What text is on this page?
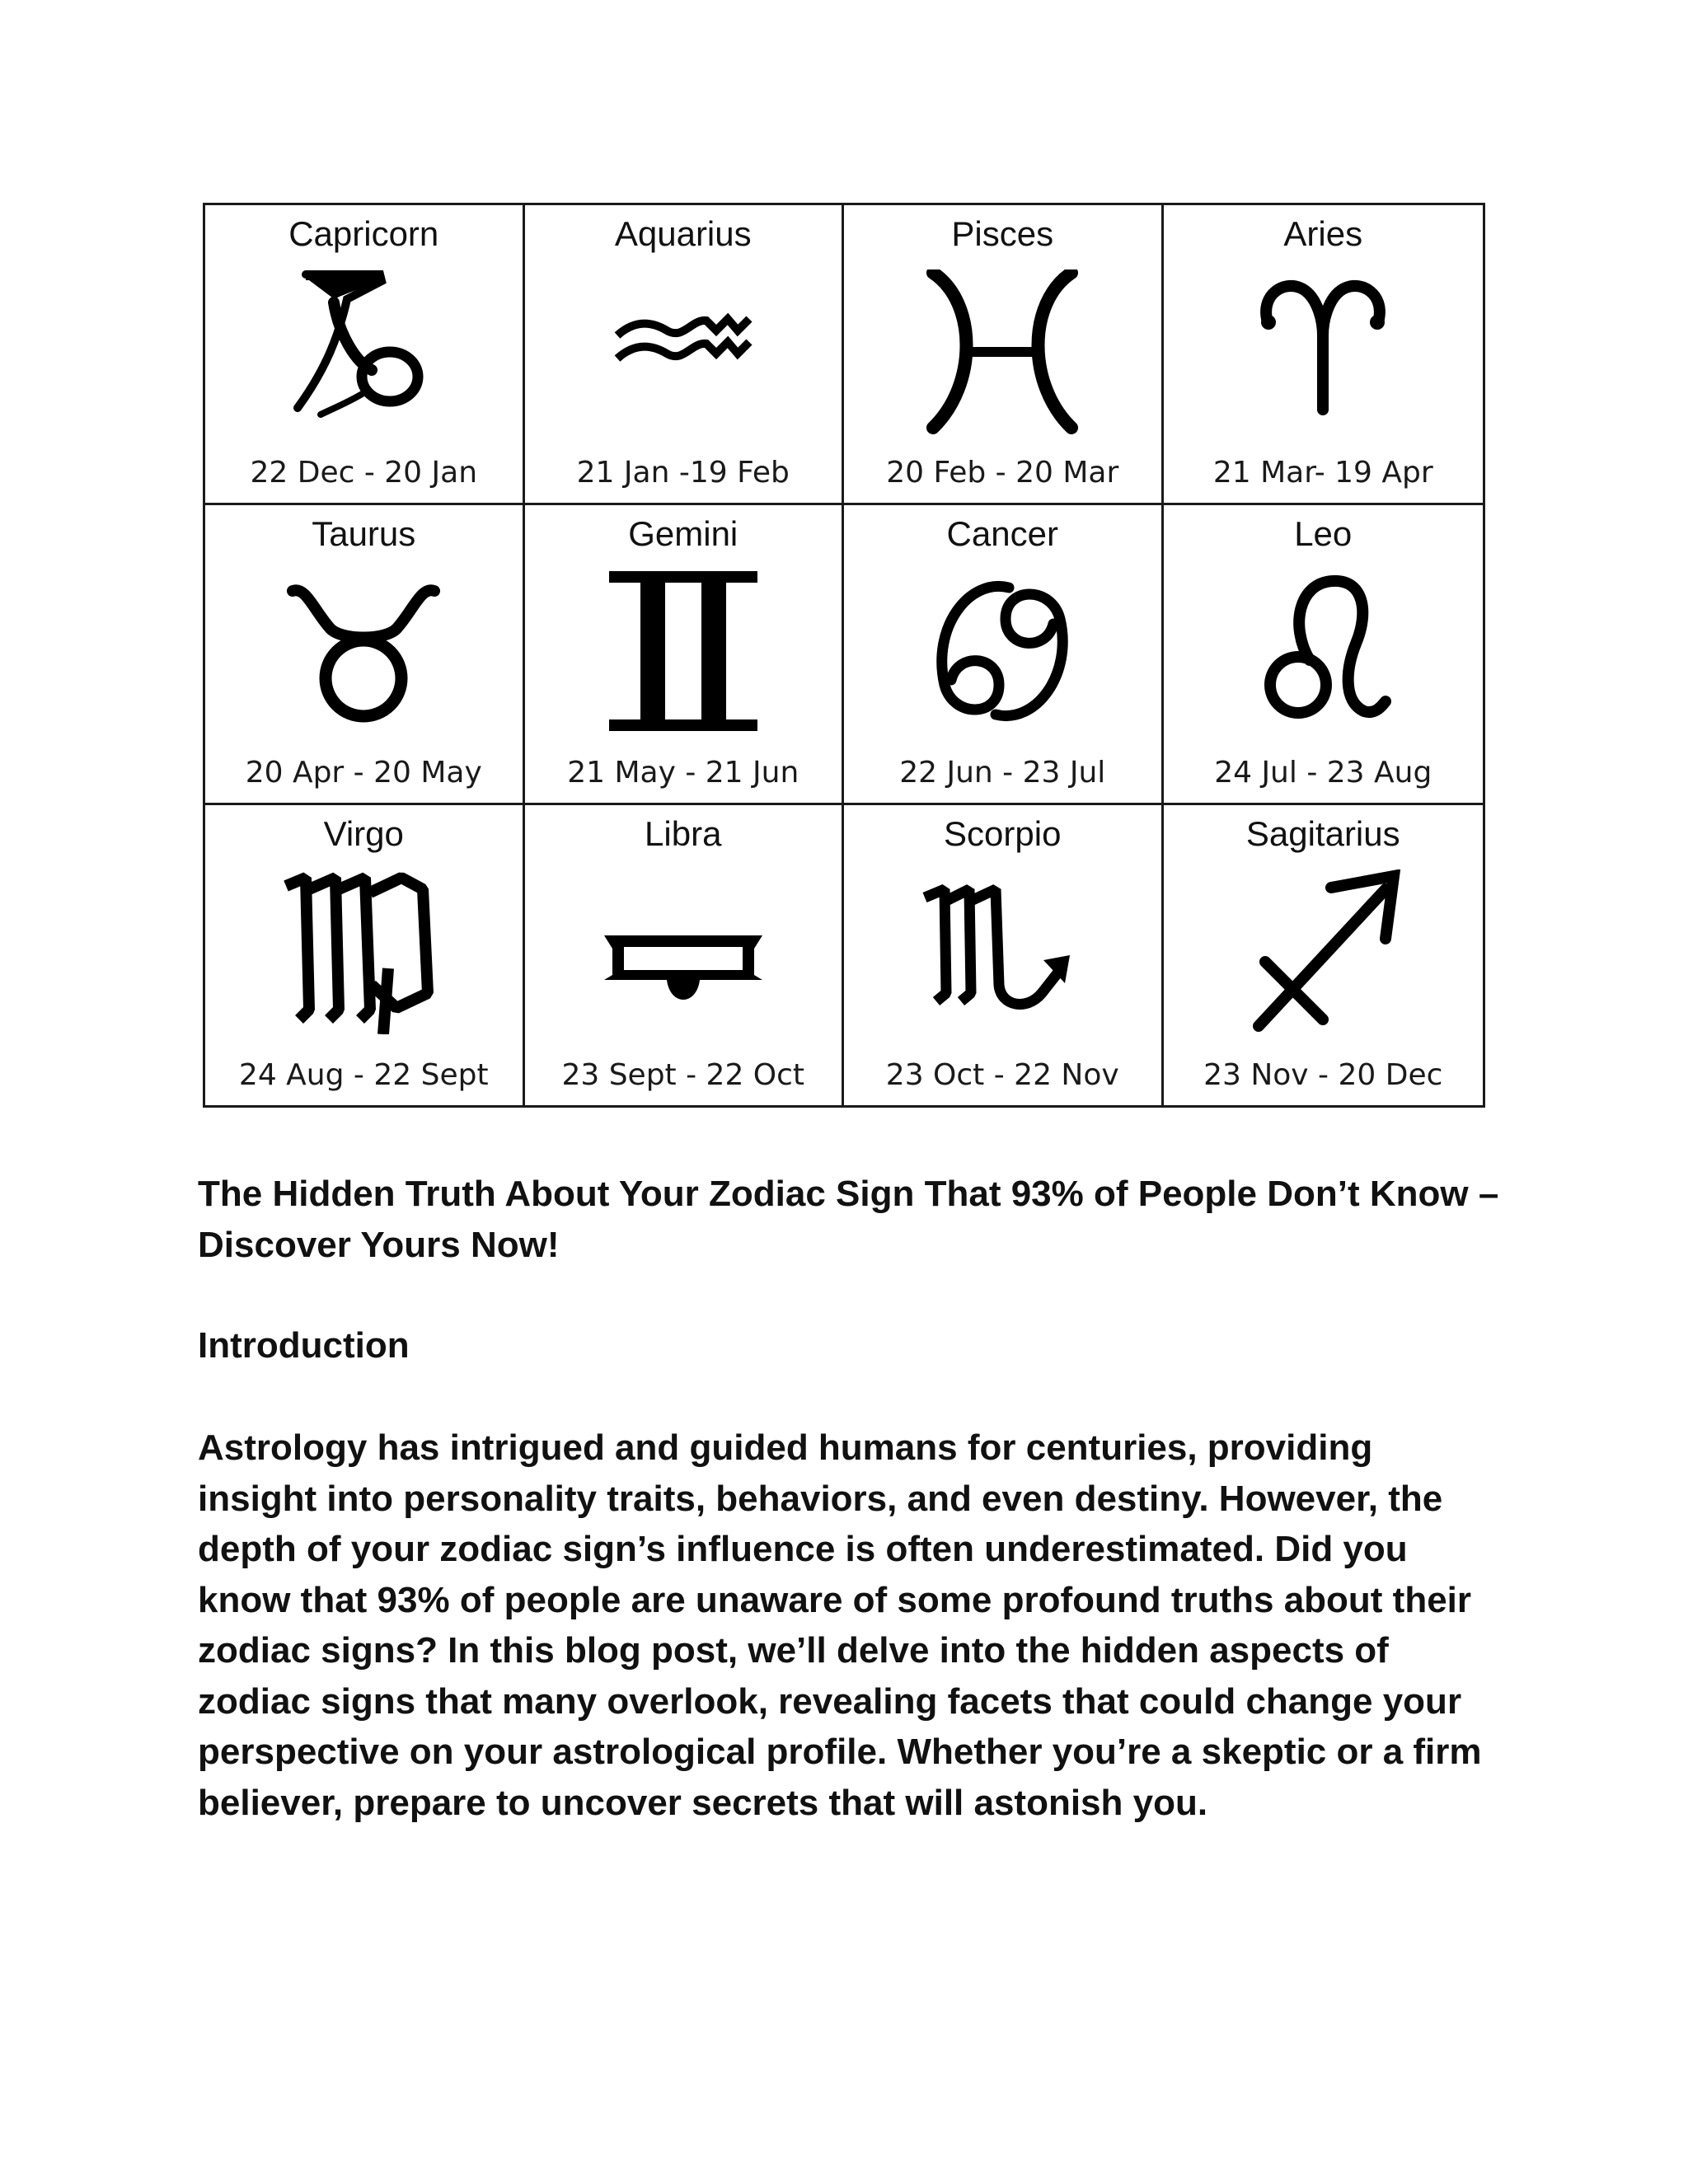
Capricorn
22 Dec - 20 Jan
Aquarius
21 Jan -19 Feb
Pisces
20 Feb - 20 Mar
Aries
21 Mar- 19 Apr
Taurus
20 Apr - 20 May
Gemini
21 May - 21 Jun
Cancer
22 Jun - 23 Jul
Leo
24 Jul - 23 Aug
Virgo
24 Aug - 22 Sept
Libra
23 Sept - 22 Oct
Scorpio
23 Oct - 22 Nov
Sagitarius
23 Nov - 20 Dec
The Hidden Truth About Your Zodiac Sign That 93% of People Don’t Know – Discover Yours Now!
Introduction

Astrology has intrigued and guided humans for centuries, providing insight into personality traits, behaviors, and even destiny. However, the depth of your zodiac sign’s influence is often underestimated. Did you know that 93% of people are unaware of some profound truths about their zodiac signs? In this blog post, we’ll delve into the hidden aspects of zodiac signs that many overlook, revealing facets that could change your perspective on your astrological profile. Whether you’re a skeptic or a firm believer, prepare to uncover secrets that will astonish you.
